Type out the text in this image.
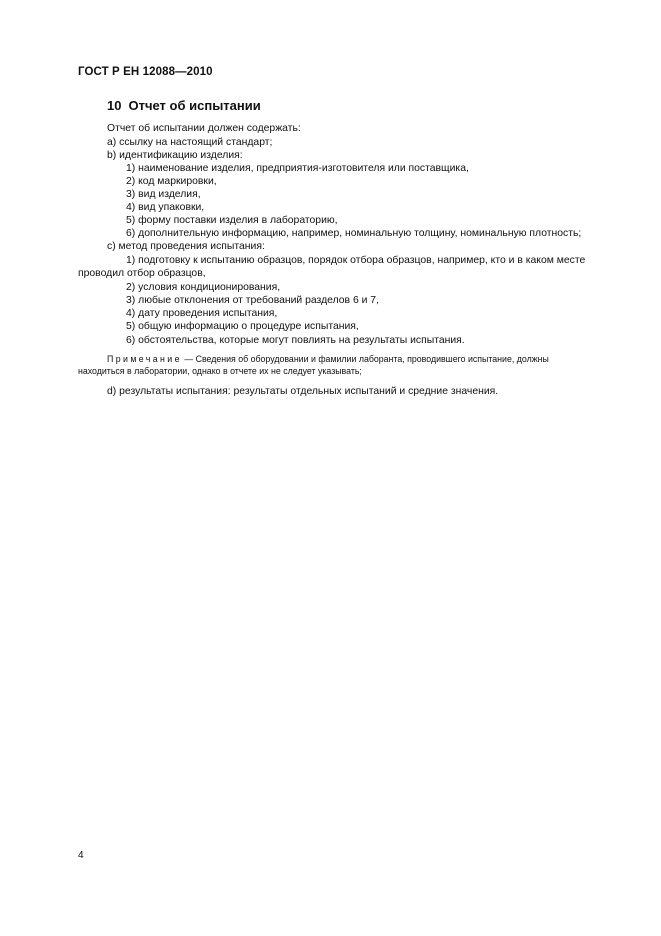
ГОСТ Р ЕН 12088—2010
10 Отчет об испытании
Отчет об испытании должен содержать:
a) ссылку на настоящий стандарт;
b) идентификацию изделия:
1) наименование изделия, предприятия-изготовителя или поставщика,
2) код маркировки,
3) вид изделия,
4) вид упаковки,
5) форму поставки изделия в лабораторию,
6) дополнительную информацию, например, номинальную толщину, номинальную плотность;
c) метод проведения испытания:
1) подготовку к испытанию образцов, порядок отбора образцов, например, кто и в каком месте
проводил отбор образцов,
2) условия кондиционирования,
3) любые отклонения от требований разделов 6 и 7,
4) дату проведения испытания,
5) общую информацию о процедуре испытания,
6) обстоятельства, которые могут повлиять на результаты испытания.
Примечание — Сведения об оборудовании и фамилии лаборанта, проводившего испытание, должны
находиться в лаборатории, однако в отчете их не следует указывать;
d) результаты испытания: результаты отдельных испытаний и средние значения.
4
